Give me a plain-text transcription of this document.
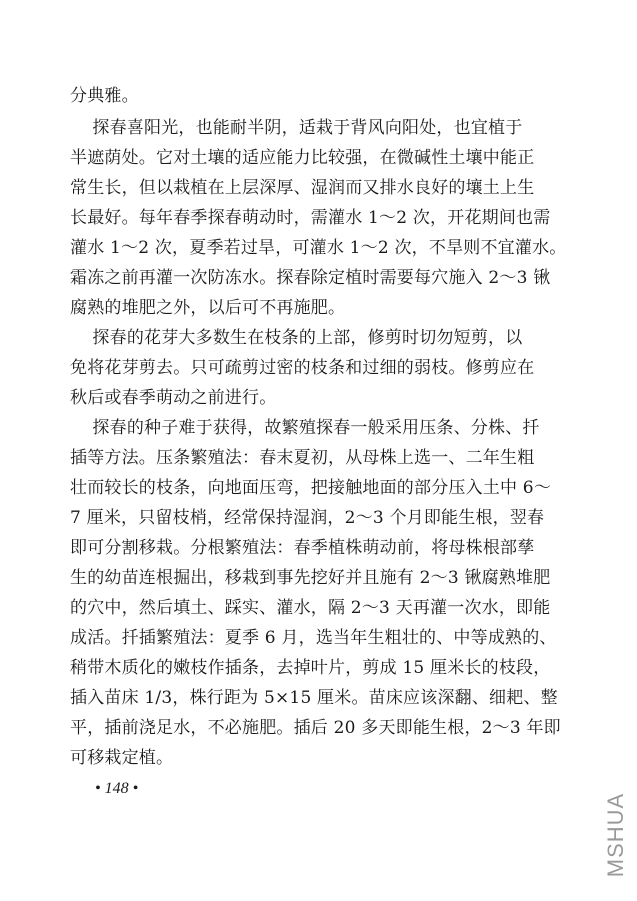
分典雅。
探春喜阳光，也能耐半阴，适栽于背风向阳处，也宜植于
半遮荫处。它对土壤的适应能力比较强，在微碱性土壤中能正
常生长，但以栽植在上层深厚、湿润而又排水良好的壤土上生
长最好。每年春季探春萌动时，需灌水 1～2 次，开花期间也需
灌水 1～2 次，夏季若过旱，可灌水 1～2 次，不旱则不宜灌水。
霜冻之前再灌一次防冻水。探春除定植时需要每穴施入 2～3 锹
腐熟的堆肥之外，以后可不再施肥。
探春的花芽大多数生在枝条的上部，修剪时切勿短剪，以
免将花芽剪去。只可疏剪过密的枝条和过细的弱枝。修剪应在
秋后或春季萌动之前进行。
探春的种子难于获得，故繁殖探春一般采用压条、分株、扦
插等方法。压条繁殖法：春末夏初，从母株上选一、二年生粗
壮而较长的枝条，向地面压弯，把接触地面的部分压入土中 6～
7 厘米，只留枝梢，经常保持湿润，2～3 个月即能生根，翌春
即可分割移栽。分根繁殖法：春季植株萌动前，将母株根部孳
生的幼苗连根掘出，移栽到事先挖好并且施有 2～3 锹腐熟堆肥
的穴中，然后填土、踩实、灌水，隔 2～3 天再灌一次水，即能
成活。扦插繁殖法：夏季 6 月，选当年生粗壮的、中等成熟的、
稍带木质化的嫩枝作插条，去掉叶片，剪成 15 厘米长的枝段，
插入苗床 1/3，株行距为 5×15 厘米。苗床应该深翻、细耙、整
平，插前浇足水，不必施肥。插后 20 多天即能生根，2～3 年即
可移栽定植。
• 148 •
MSHUA
